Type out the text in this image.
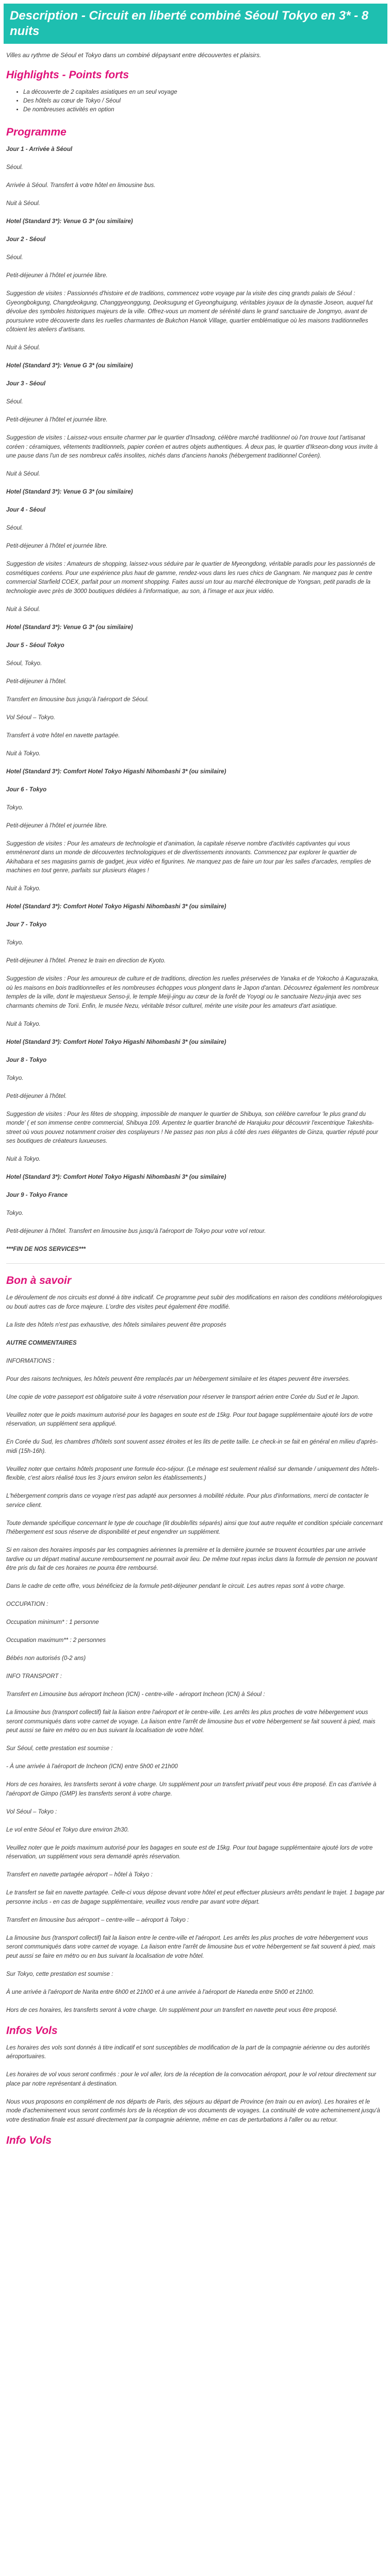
Description - Circuit en liberté combiné Séoul Tokyo en 3* - 8 nuits
Villes au rythme de Séoul et Tokyo dans un combiné dépaysant entre découvertes et plaisirs.
Highlights - Points forts
• La découverte de 2 capitales asiatiques en un seul voyage
• Des hôtels au cœur de Tokyo / Séoul
• De nombreuses activités en option
Programme
Jour 1 - Arrivée à Séoul
Séoul.
Arrivée à Séoul. Transfert à votre hôtel en limousine bus.
Nuit à Séoul.
Hotel (Standard 3*): Venue G 3* (ou similaire)
Jour 2 - Séoul
Séoul.
Petit-déjeuner à l'hôtel et journée libre.
Suggestion de visites : Passionnés d'histoire et de traditions, commencez votre voyage par la visite des cinq grands palais de Séoul : Gyeongbokgung, Changdeokgung, Changgyeonggung, Deoksugung et Gyeonghuigung, véritables joyaux de la dynastie Joseon, auquel fut dévolue des symboles historiques majeurs de la ville. Offrez-vous un moment de sérénité dans le grand sanctuaire de Jongmyo, avant de poursuivre votre découverte dans les ruelles charmantes de Bukchon Hanok Village, quartier emblématique où les maisons traditionnelles côtoient les ateliers d'artisans.
Nuit à Séoul.
Hotel (Standard 3*): Venue G 3* (ou similaire)
Jour 3 - Séoul
Séoul.
Petit-déjeuner à l'hôtel et journée libre.
Suggestion de visites : Laissez-vous ensuite charmer par le quartier d'Insadong, célèbre marché traditionnel où l'on trouve tout l'artisanat coréen : céramiques, vêtements traditionnels, papier coréen et autres objets authentiques. À deux pas, le quartier d'Ikseon-dong vous invite à une pause dans l'un de ses nombreux cafés insolites, nichés dans d'anciens hanoks (hébergement traditionnel Coréen).
Nuit à Séoul.
Hotel (Standard 3*): Venue G 3* (ou similaire)
Jour 4 - Séoul
Séoul.
Petit-déjeuner à l'hôtel et journée libre.
Suggestion de visites : Amateurs de shopping, laissez-vous séduire par le quartier de Myeongdong, véritable paradis pour les passionnés de cosmétiques coréens. Pour une expérience plus haut de gamme, rendez-vous dans les rues chics de Gangnam. Ne manquez pas le centre commercial Starfield COEX, parfait pour un moment shopping. Faites aussi un tour au marché électronique de Yongsan, petit paradis de la technologie avec près de 3000 boutiques dédiées à l'informatique, au son, à l'image et aux jeux vidéo.
Nuit à Séoul.
Hotel (Standard 3*): Venue G 3* (ou similaire)
Jour 5 - Séoul Tokyo
Séoul, Tokyo.
Petit-déjeuner à l'hôtel.
Transfert en limousine bus jusqu'à l'aéroport de Séoul.
Vol Séoul – Tokyo.
Transfert à votre hôtel en navette partagée.
Nuit à Tokyo.
Hotel (Standard 3*): Comfort Hotel Tokyo Higashi Nihombashi 3* (ou similaire)
Jour 6 - Tokyo
Tokyo.
Petit-déjeuner à l'hôtel et journée libre.
Suggestion de visites : Pour les amateurs de technologie et d'animation, la capitale réserve nombre d'activités captivantes qui vous emmèneront dans un monde de découvertes technologiques et de divertissements innovants. Commencez par explorer le quartier de Akihabara et ses magasins garnis de gadget, jeux vidéo et figurines. Ne manquez pas de faire un tour par les salles d'arcades, remplies de machines en tout genre, parfaits sur plusieurs étages !
Nuit à Tokyo.
Hotel (Standard 3*): Comfort Hotel Tokyo Higashi Nihombashi 3* (ou similaire)
Jour 7 - Tokyo
Tokyo.
Petit-déjeuner à l'hôtel. Prenez le train en direction de Kyoto.
Suggestion de visites : Pour les amoureux de culture et de traditions, direction les ruelles préservées de Yanaka et de Yokocho à Kagurazaka, où les maisons en bois traditionnelles et les nombreuses échoppes vous plongent dans le Japon d'antan. Découvrez également les nombreux temples de la ville, dont le majestueux Senso-ji, le temple Meiji-jingu au cœur de la forêt de Yoyogi ou le sanctuaire Nezu-jinja avec ses charmants chemins de Torii. Enfin, le musée Nezu, véritable trésor culturel, mérite une visite pour les amateurs d'art asiatique.
Nuit à Tokyo.
Hotel (Standard 3*): Comfort Hotel Tokyo Higashi Nihombashi 3* (ou similaire)
Jour 8 - Tokyo
Tokyo.
Petit-déjeuner à l'hôtel.
Suggestion de visites : Pour les fêtes de shopping, impossible de manquer le quartier de Shibuya, son célèbre carrefour 'le plus grand du monde' ( et son immense centre commercial, Shibuya 109. Arpentez le quartier branché de Harajuku pour découvrir l'excentrique Takeshita-street où vous pouvez notamment croiser des cosplayeurs ! Ne passez pas non plus à côté des rues élégantes de Ginza, quartier réputé pour ses boutiques de créateurs luxueuses.
Nuit à Tokyo.
Hotel (Standard 3*): Comfort Hotel Tokyo Higashi Nihombashi 3* (ou similaire)
Jour 9 - Tokyo France
Tokyo.
Petit-déjeuner à l'hôtel. Transfert en limousine bus jusqu'à l'aéroport de Tokyo pour votre vol retour.
***FIN DE NOS SERVICES***
Bon à savoir
Le déroulement de nos circuits est donné à titre indicatif. Ce programme peut subir des modifications en raison des conditions météorologiques ou bouti autres cas de force majeure. L'ordre des visites peut également être modifié.
La liste des hôtels n'est pas exhaustive, des hôtels similaires peuvent être proposés
AUTRE COMMENTAIRES
INFORMATIONS :
Pour des raisons techniques, les hôtels peuvent être remplacés par un hébergement similaire et les étapes peuvent être inversées.
Une copie de votre passeport est obligatoire suite à votre réservation pour réserver le transport aérien entre Corée du Sud et le Japon.
Veuillez noter que le poids maximum autorisé pour les bagages en soute est de 15kg. Pour tout bagage supplémentaire ajouté lors de votre réservation, un supplément sera appliqué.
En Corée du Sud, les chambres d'hôtels sont souvent assez étroites et les lits de petite taille. Le check-in se fait en général en milieu d'après-midi (15h-16h).
Veuillez noter que certains hôtels proposent une formule éco-séjour. (Le ménage est seulement réalisé sur demande / uniquement des hôtels-flexible, c'est alors réalisé tous les 3 jours environ selon les établissements.)
L'hébergement compris dans ce voyage n'est pas adapté aux personnes à mobilité réduite. Pour plus d'informations, merci de contacter le service client.
Toute demande spécifique concernant le type de couchage (lit double/lits séparés) ainsi que tout autre requête et condition spéciale concernant l'hébergement est sous réserve de disponibilité et peut engendrer un supplément.
Si en raison des horaires imposés par les compagnies aériennes la première et la dernière journée se trouvent écourtées par une arrivée tardive ou un départ matinal aucune remboursement ne pourrait avoir lieu. De même tout repas inclus dans la formule de pension ne pouvant être pris du fait de ces horaires ne pourra être remboursé.
Dans le cadre de cette offre, vous bénéficiez de la formule petit-déjeuner pendant le circuit. Les autres repas sont à votre charge.
OCCUPATION :
Occupation minimum* : 1 personne
Occupation maximum** : 2 personnes
Bébés non autorisés (0-2 ans)
INFO TRANSPORT :
Transfert en Limousine bus aéroport Incheon (ICN) - centre-ville - aéroport Incheon (ICN) à Séoul :
La limousine bus (transport collectif) fait la liaison entre l'aéroport et le centre-ville. Les arrêts les plus proches de votre hébergement vous seront communiqués dans votre carnet de voyage. La liaison entre l'arrêt de limousine bus et votre hébergement se fait souvent à pied, mais peut aussi se faire en métro ou en bus suivant la localisation de votre hôtel.
Sur Séoul, cette prestation est soumise :
- À une arrivée à l'aéroport de Incheon (ICN) entre 5h00 et 21h00
Hors de ces horaires, les transferts seront à votre charge. Un supplément pour un transfert privatif peut vous être proposé. En cas d'arrivée à l'aéroport de Gimpo (GMP) les transferts seront à votre charge.
Vol Séoul – Tokyo :
Le vol entre Séoul et Tokyo dure environ 2h30.
Veuillez noter que le poids maximum autorisé pour les bagages en soute est de 15kg. Pour tout bagage supplémentaire ajouté lors de votre réservation, un supplément vous sera demandé après réservation.
Transfert en navette partagée aéroport – hôtel à Tokyo :
Le transfert se fait en navette partagée. Celle-ci vous dépose devant votre hôtel et peut effectuer plusieurs arrêts pendant le trajet. 1 bagage par personne inclus - en cas de bagage supplémentaire, veuillez vous rendre par avant votre départ.
Transfert en limousine bus aéroport – centre-ville – aéroport à Tokyo :
La limousine bus (transport collectif) fait la liaison entre le centre-ville et l'aéroport. Les arrêts les plus proches de votre hébergement vous seront communiqués dans votre carnet de voyage. La liaison entre l'arrêt de limousine bus et votre hébergement se fait souvent à pied, mais peut aussi se faire en métro ou en bus suivant la localisation de votre hôtel.
Sur Tokyo, cette prestation est soumise :
À une arrivée à l'aéroport de Narita entre 6h00 et 21h00 et à une arrivée à l'aéroport de Haneda entre 5h00 et 21h00.
Hors de ces horaires, les transferts seront à votre charge. Un supplément pour un transfert en navette peut vous être proposé.
Infos Vols
Les horaires des vols sont donnés à titre indicatif et sont susceptibles de modification de la part de la compagnie aérienne ou des autorités aéroportuaires.
Les horaires de vol vous seront confirmés : pour le vol aller, lors de la réception de la convocation aéroport, pour le vol retour directement sur place par notre représentant à destination.
Nous vous proposons en complément de nos départs de Paris, des séjours au départ de Province (en train ou en avion). Les horaires et le mode d'acheminement vous seront confirmés lors de la réception de vos documents de voyages. La continuité de votre acheminement jusqu'à votre destination finale est assuré directement par la compagnie aérienne, même en cas de perturbations à l'aller ou au retour.
Info Vols
